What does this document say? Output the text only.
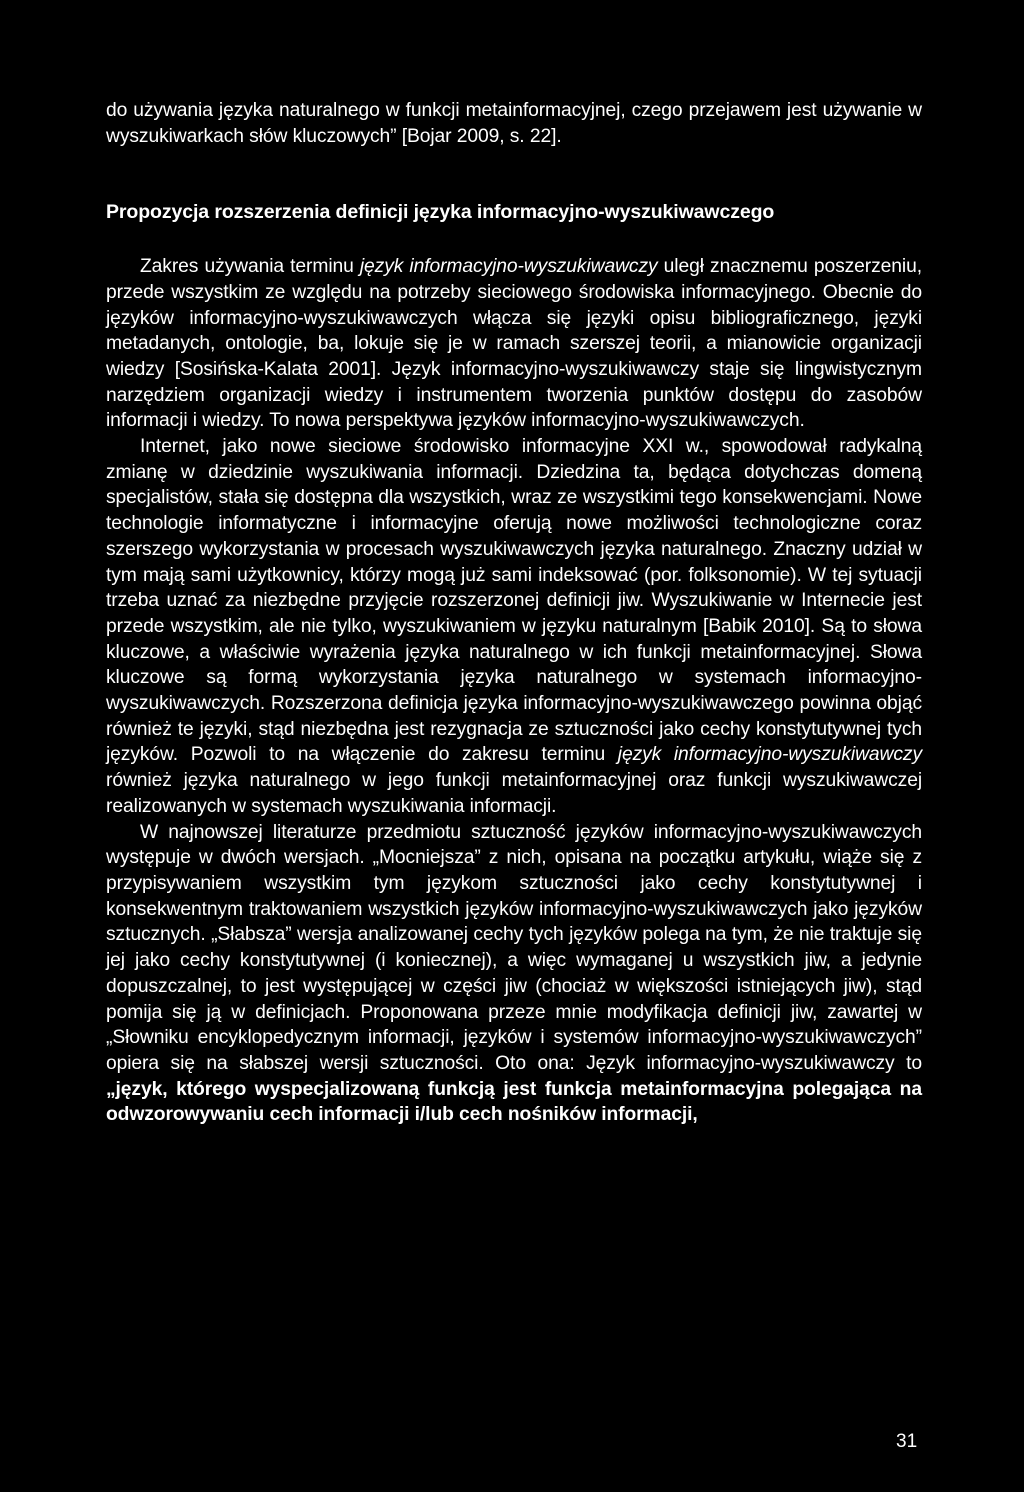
do używania języka naturalnego w funkcji metainformacyjnej, czego przejawem jest używanie w wyszukiwarkach słów kluczowych” [Bojar 2009, s. 22].

Propozycja rozszerzenia definicji języka informacyjno-wyszukiwawczego

Zakres używania terminu język informacyjno-wyszukiwawczy uległ znacznemu poszerzeniu, przede wszystkim ze względu na potrzeby sieciowego środowiska informacyjnego. Obecnie do języków informacyjno-wyszukiwawczych włącza się języki opisu bibliograficznego, języki metadanych, ontologie, ba, lokuje się je w ramach szerszej teorii, a mianowicie organizacji wiedzy [Sosińska-Kalata 2001]. Język informacyjno-wyszukiwawczy staje się lingwistycznym narzędziem organizacji wiedzy i instrumentem tworzenia punktów dostępu do zasobów informacji i wiedzy. To nowa perspektywa języków informacyjno-wyszukiwawczych.

Internet, jako nowe sieciowe środowisko informacyjne XXI w., spowodował radykalną zmianę w dziedzinie wyszukiwania informacji. Dziedzina ta, będąca dotychczas domeną specjalistów, stała się dostępna dla wszystkich, wraz ze wszystkimi tego konsekwencjami. Nowe technologie informatyczne i informacyjne oferują nowe możliwości technologiczne coraz szerszego wykorzystania w procesach wyszukiwawczych języka naturalnego. Znaczny udział w tym mają sami użytkownicy, którzy mogą już sami indeksować (por. folksonomie). W tej sytuacji trzeba uznać za niezbędne przyjęcie rozszerzonej definicji jiw. Wyszukiwanie w Internecie jest przede wszystkim, ale nie tylko, wyszukiwaniem w języku naturalnym [Babik 2010]. Są to słowa kluczowe, a właściwie wyrażenia języka naturalnego w ich funkcji metainformacyjnej. Słowa kluczowe są formą wykorzystania języka naturalnego w systemach informacyjno-wyszukiwawczych. Rozszerzona definicja języka informacyjno-wyszukiwawczego powinna objąć również te języki, stąd niezbędna jest rezygnacja ze sztuczności jako cechy konstytutywnej tych języków. Pozwoli to na włączenie do zakresu terminu język informacyjno-wyszukiwawczy również języka naturalnego w jego funkcji metainformacyjnej oraz funkcji wyszukiwawczej realizowanych w systemach wyszukiwania informacji.

W najnowszej literaturze przedmiotu sztuczność języków informacyjno-wyszukiwawczych występuje w dwóch wersjach. „Mocniejsza” z nich, opisana na początku artykułu, wiąże się z przypisywaniem wszystkim tym językom sztuczności jako cechy konstytutywnej i konsekwentnym traktowaniem wszystkich języków informacyjno-wyszukiwawczych jako języków sztucznych. „Słabsza” wersja analizowanej cechy tych języków polega na tym, że nie traktuje się jej jako cechy konstytutywnej (i koniecznej), a więc wymaganej u wszystkich jiw, a jedynie dopuszczalnej, to jest występującej w części jiw (chociaż w większości istniejących jiw), stąd pomija się ją w definicjach. Proponowana przeze mnie modyfikacja definicji jiw, zawartej w „Słowniku encyklopedycznym informacji, języków i systemów informacyjno-wyszukiwawczych” opiera się na słabszej wersji sztuczności. Oto ona: Język informacyjno-wyszukiwawczy to „język, którego wyspecjalizowaną funkcją jest funkcja metainformacyjna polegająca na odwzorowywaniu cech informacji i/lub cech nośników informacji,

31
